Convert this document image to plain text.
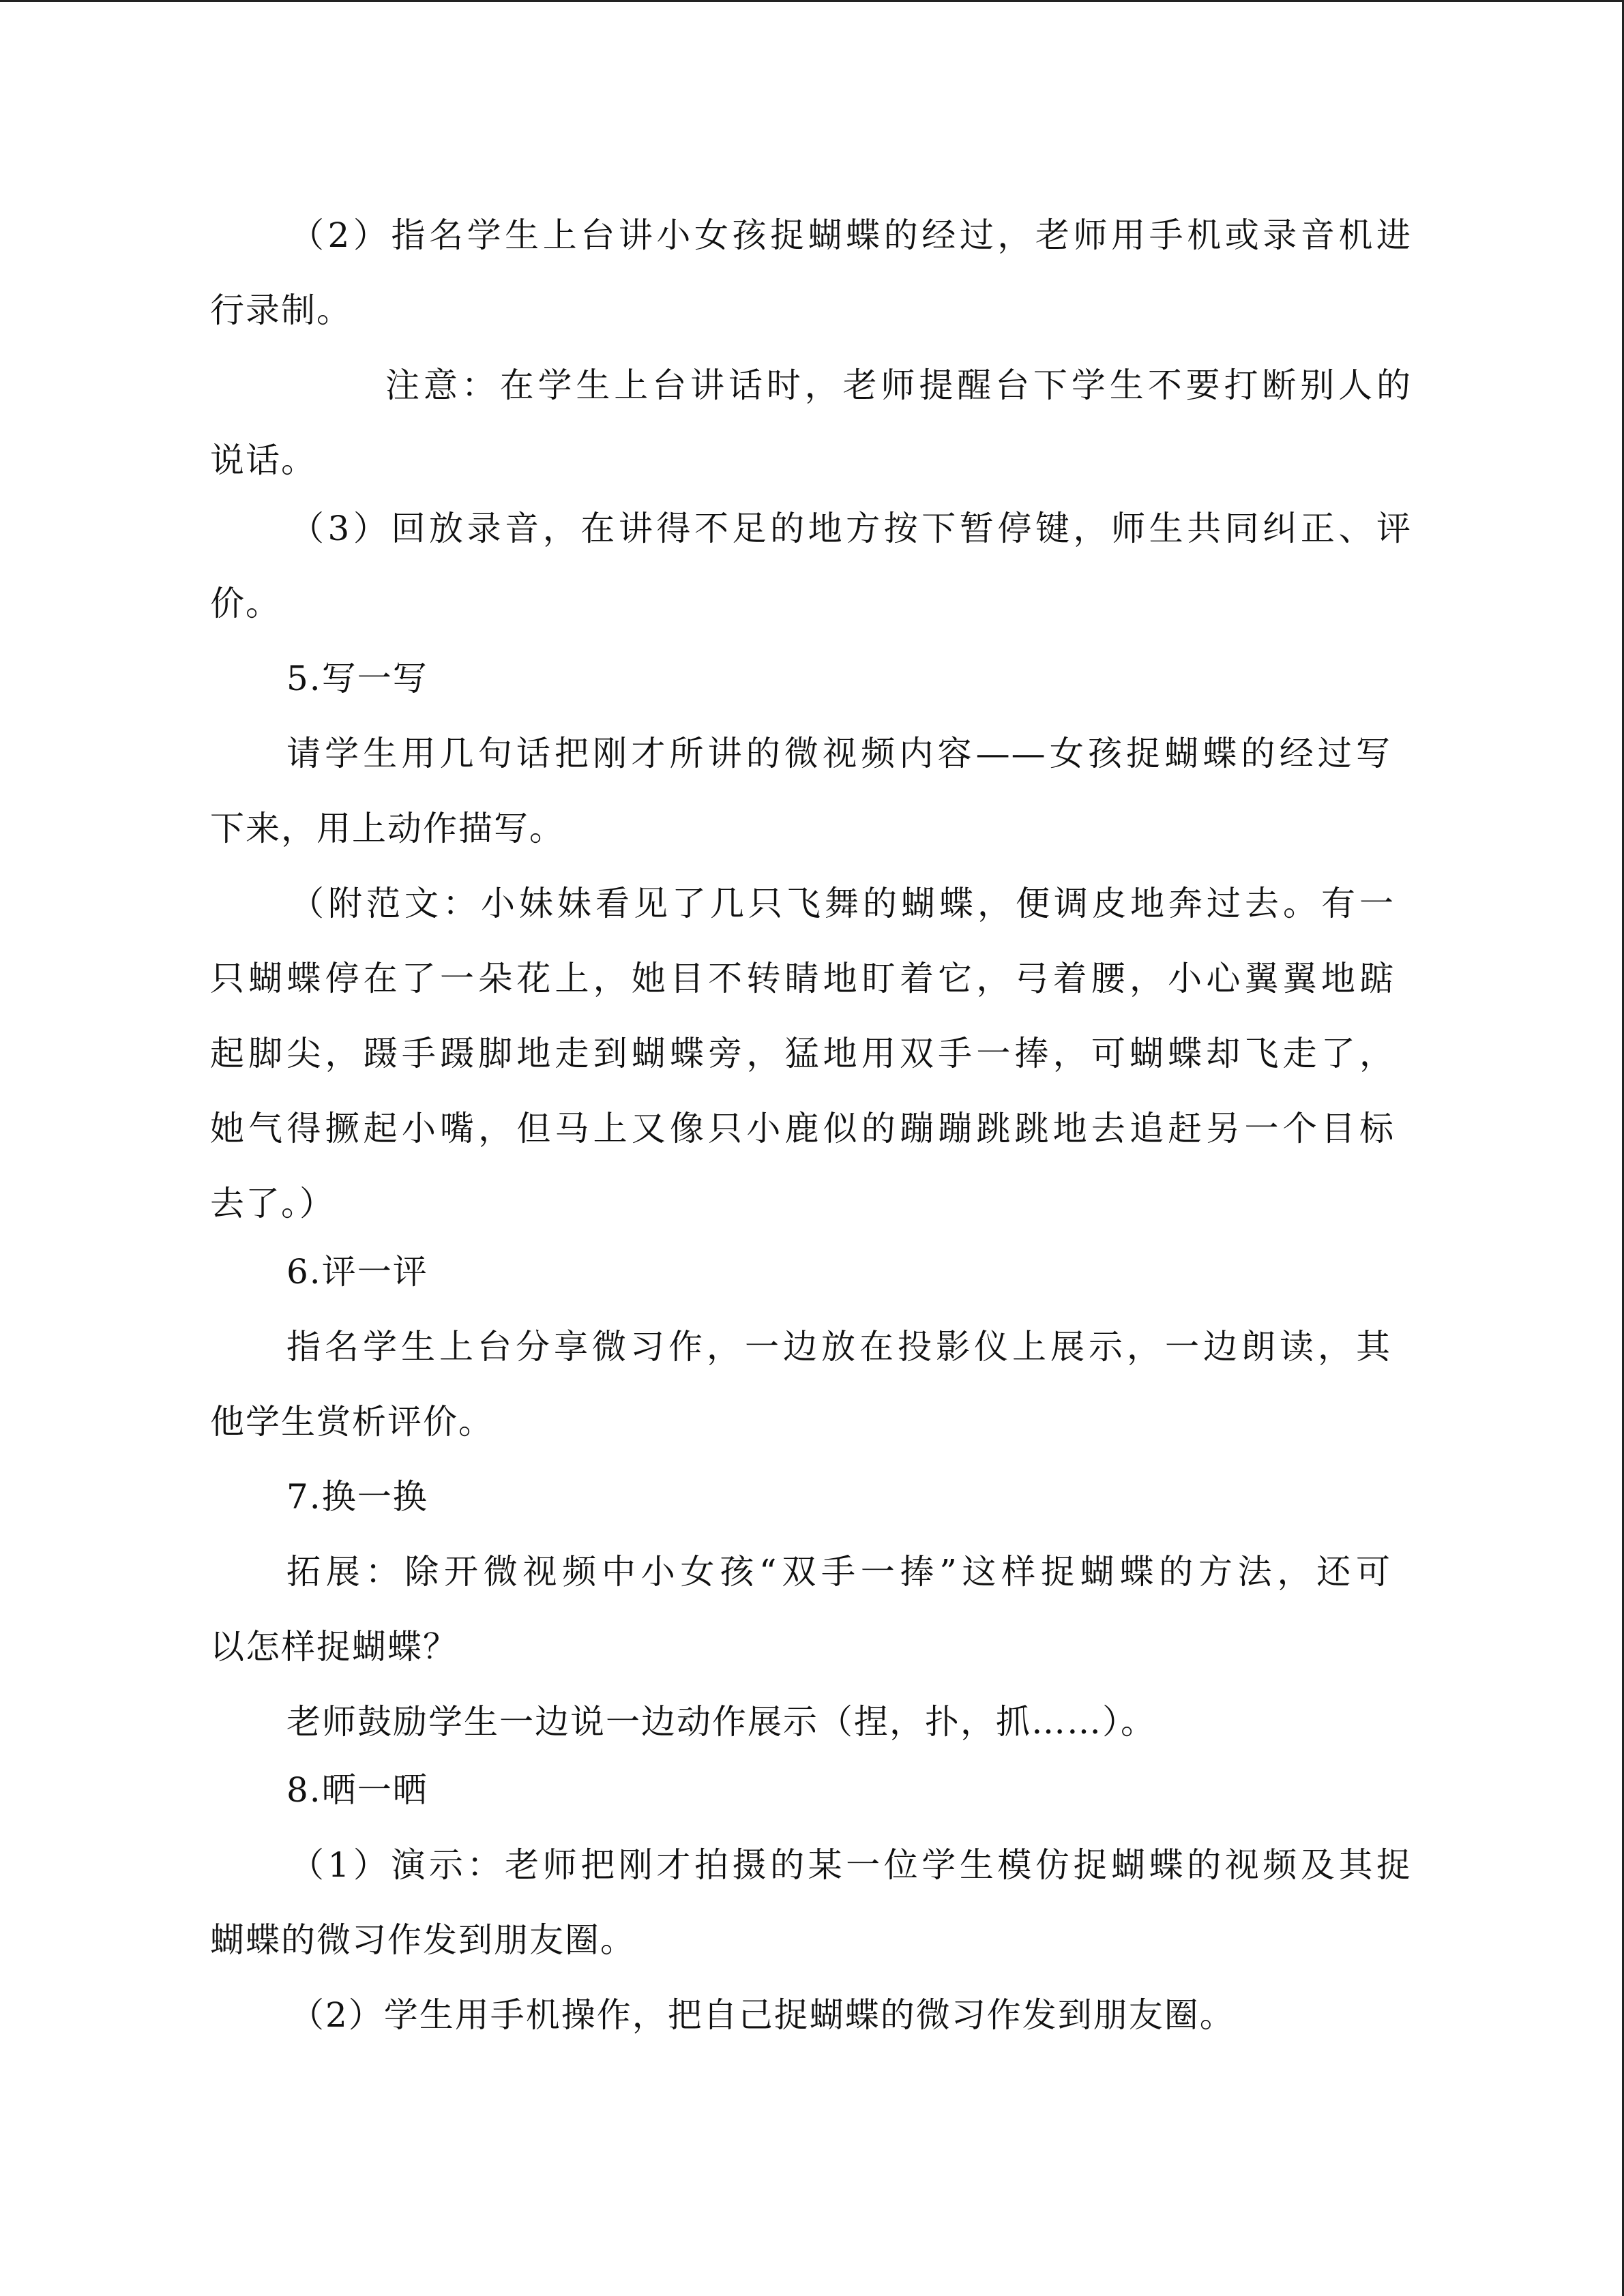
（2）指名学生上台讲小女孩捉蝴蝶的经过，老师用手机或录音机进
行录制。
注意：在学生上台讲话时，老师提醒台下学生不要打断别人的
说话。
（3）回放录音，在讲得不足的地方按下暂停键，师生共同纠正、评
价。
5.写一写
请学生用几句话把刚才所讲的微视频内容——女孩捉蝴蝶的经过写
下来，用上动作描写。
（附范文：小妹妹看见了几只飞舞的蝴蝶，便调皮地奔过去。有一
只蝴蝶停在了一朵花上，她目不转睛地盯着它，弓着腰，小心翼翼地踮
起脚尖，蹑手蹑脚地走到蝴蝶旁，猛地用双手一捧，可蝴蝶却飞走了，
她气得撅起小嘴，但马上又像只小鹿似的蹦蹦跳跳地去追赶另一个目标
去了。）
6.评一评
指名学生上台分享微习作，一边放在投影仪上展示，一边朗读，其
他学生赏析评价。
7.换一换
拓展：除开微视频中小女孩“双手一捧”这样捉蝴蝶的方法，还可
以怎样捉蝴蝶？
老师鼓励学生一边说一边动作展示（捏，扑，抓……）。
8.晒一晒
（1）演示：老师把刚才拍摄的某一位学生模仿捉蝴蝶的视频及其捉
蝴蝶的微习作发到朋友圈。
（2）学生用手机操作，把自己捉蝴蝶的微习作发到朋友圈。
